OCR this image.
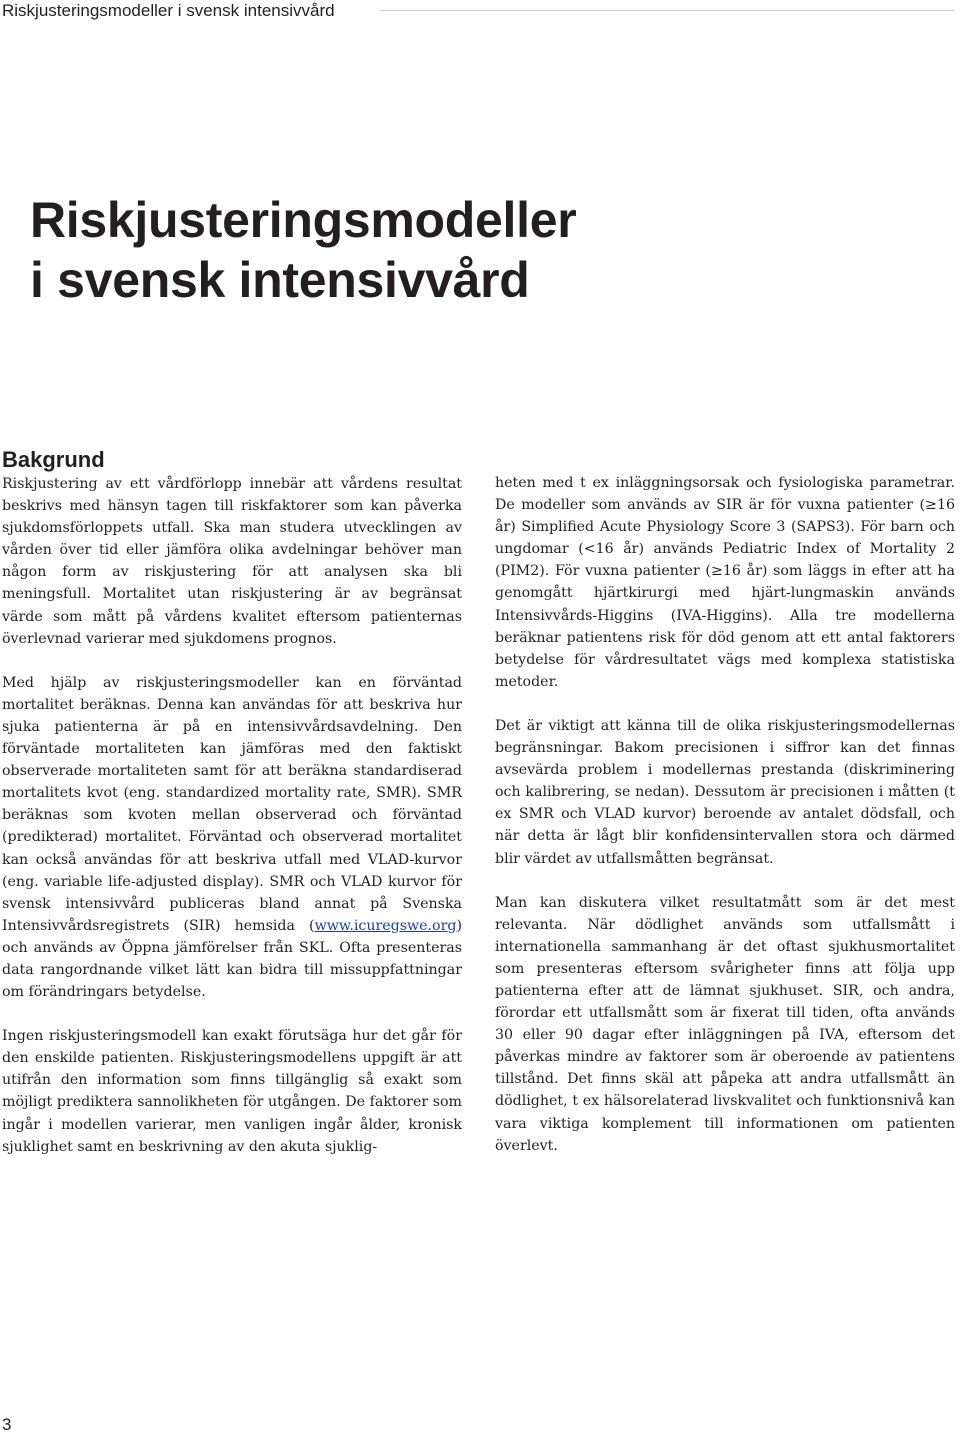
Riskjusteringsmodeller i svensk intensivvård
Riskjusteringsmodeller
i svensk intensivvård
Bakgrund

Riskjustering av ett vårdförlopp innebär att vårdens resultat beskrivs med hänsyn tagen till riskfaktorer som kan påverka sjukdomsförloppets utfall. Ska man studera utvecklingen av vården över tid eller jämföra olika avdelningar behöver man någon form av riskjustering för att analysen ska bli meningsfull. Mortalitet utan riskjustering är av begränsat värde som mått på vårdens kvalitet eftersom patienternas överlevnad varierar med sjukdomens prognos.

Med hjälp av riskjusteringsmodeller kan en förväntad mortalitet beräknas. Denna kan användas för att beskriva hur sjuka patienterna är på en intensivvårdsavdelning. Den förväntade mortaliteten kan jämföras med den faktiskt observerade mortaliteten samt för att beräkna standardiserad mortalitets kvot (eng. standardized mortality rate, SMR). SMR beräknas som kvoten mellan observerad och förväntad (predikterad) mortalitet. Förväntad och observerad mortalitet kan också användas för att beskriva utfall med VLAD-kurvor (eng. variable life-adjusted display). SMR och VLAD kurvor för svensk intensivvård publiceras bland annat på Svenska Intensivvårdsregistrets (SIR) hemsida (www.icuregswe.org) och används av Öppna jämförelser från SKL. Ofta presenteras data rangordnande vilket lätt kan bidra till missuppfattningar om förändringars betydelse.

Ingen riskjusteringsmodell kan exakt förutsäga hur det går för den enskilde patienten. Riskjusteringsmodellens uppgift är att utifrån den information som finns tillgänglig så exakt som möjligt prediktera sannolikheten för utgången. De faktorer som ingår i modellen varierar, men vanligen ingår ålder, kronisk sjuklighet samt en beskrivning av den akuta sjuklig-

heten med t ex inläggningsorsak och fysiologiska parametrar. De modeller som används av SIR är för vuxna patienter (≥16 år) Simplified Acute Physiology Score 3 (SAPS3). För barn och ungdomar (<16 år) används Pediatric Index of Mortality 2 (PIM2). För vuxna patienter (≥16 år) som läggs in efter att ha genomgått hjärtkirurgi med hjärt-lungmaskin används Intensivvårds-Higgins (IVA-Higgins). Alla tre modellerna beräknar patientens risk för död genom att ett antal faktorers betydelse för vårdresultatet vägs med komplexa statistiska metoder.

Det är viktigt att känna till de olika riskjusteringsmodellernas begränsningar. Bakom precisionen i siffror kan det finnas avsevärda problem i modellernas prestanda (diskriminering och kalibrering, se nedan). Dessutom är precisionen i måtten (t ex SMR och VLAD kurvor) beroende av antalet dödsfall, och när detta är lågt blir konfidensintervallen stora och därmed blir värdet av utfallsmåtten begränsat.

Man kan diskutera vilket resultatmått som är det mest relevanta. När dödlighet används som utfallsmått i internationella sammanhang är det oftast sjukhusmortalitet som presenteras eftersom svårigheter finns att följa upp patienterna efter att de lämnat sjukhuset. SIR, och andra, förordar ett utfallsmått som är fixerat till tiden, ofta används 30 eller 90 dagar efter inläggningen på IVA, eftersom det påverkas mindre av faktorer som är oberoende av patientens tillstånd. Det finns skäl att påpeka att andra utfallsmått än dödlighet, t ex hälsorelaterad livskvalitet och funktionsnivå kan vara viktiga komplement till informationen om patienten överlevt.

3
